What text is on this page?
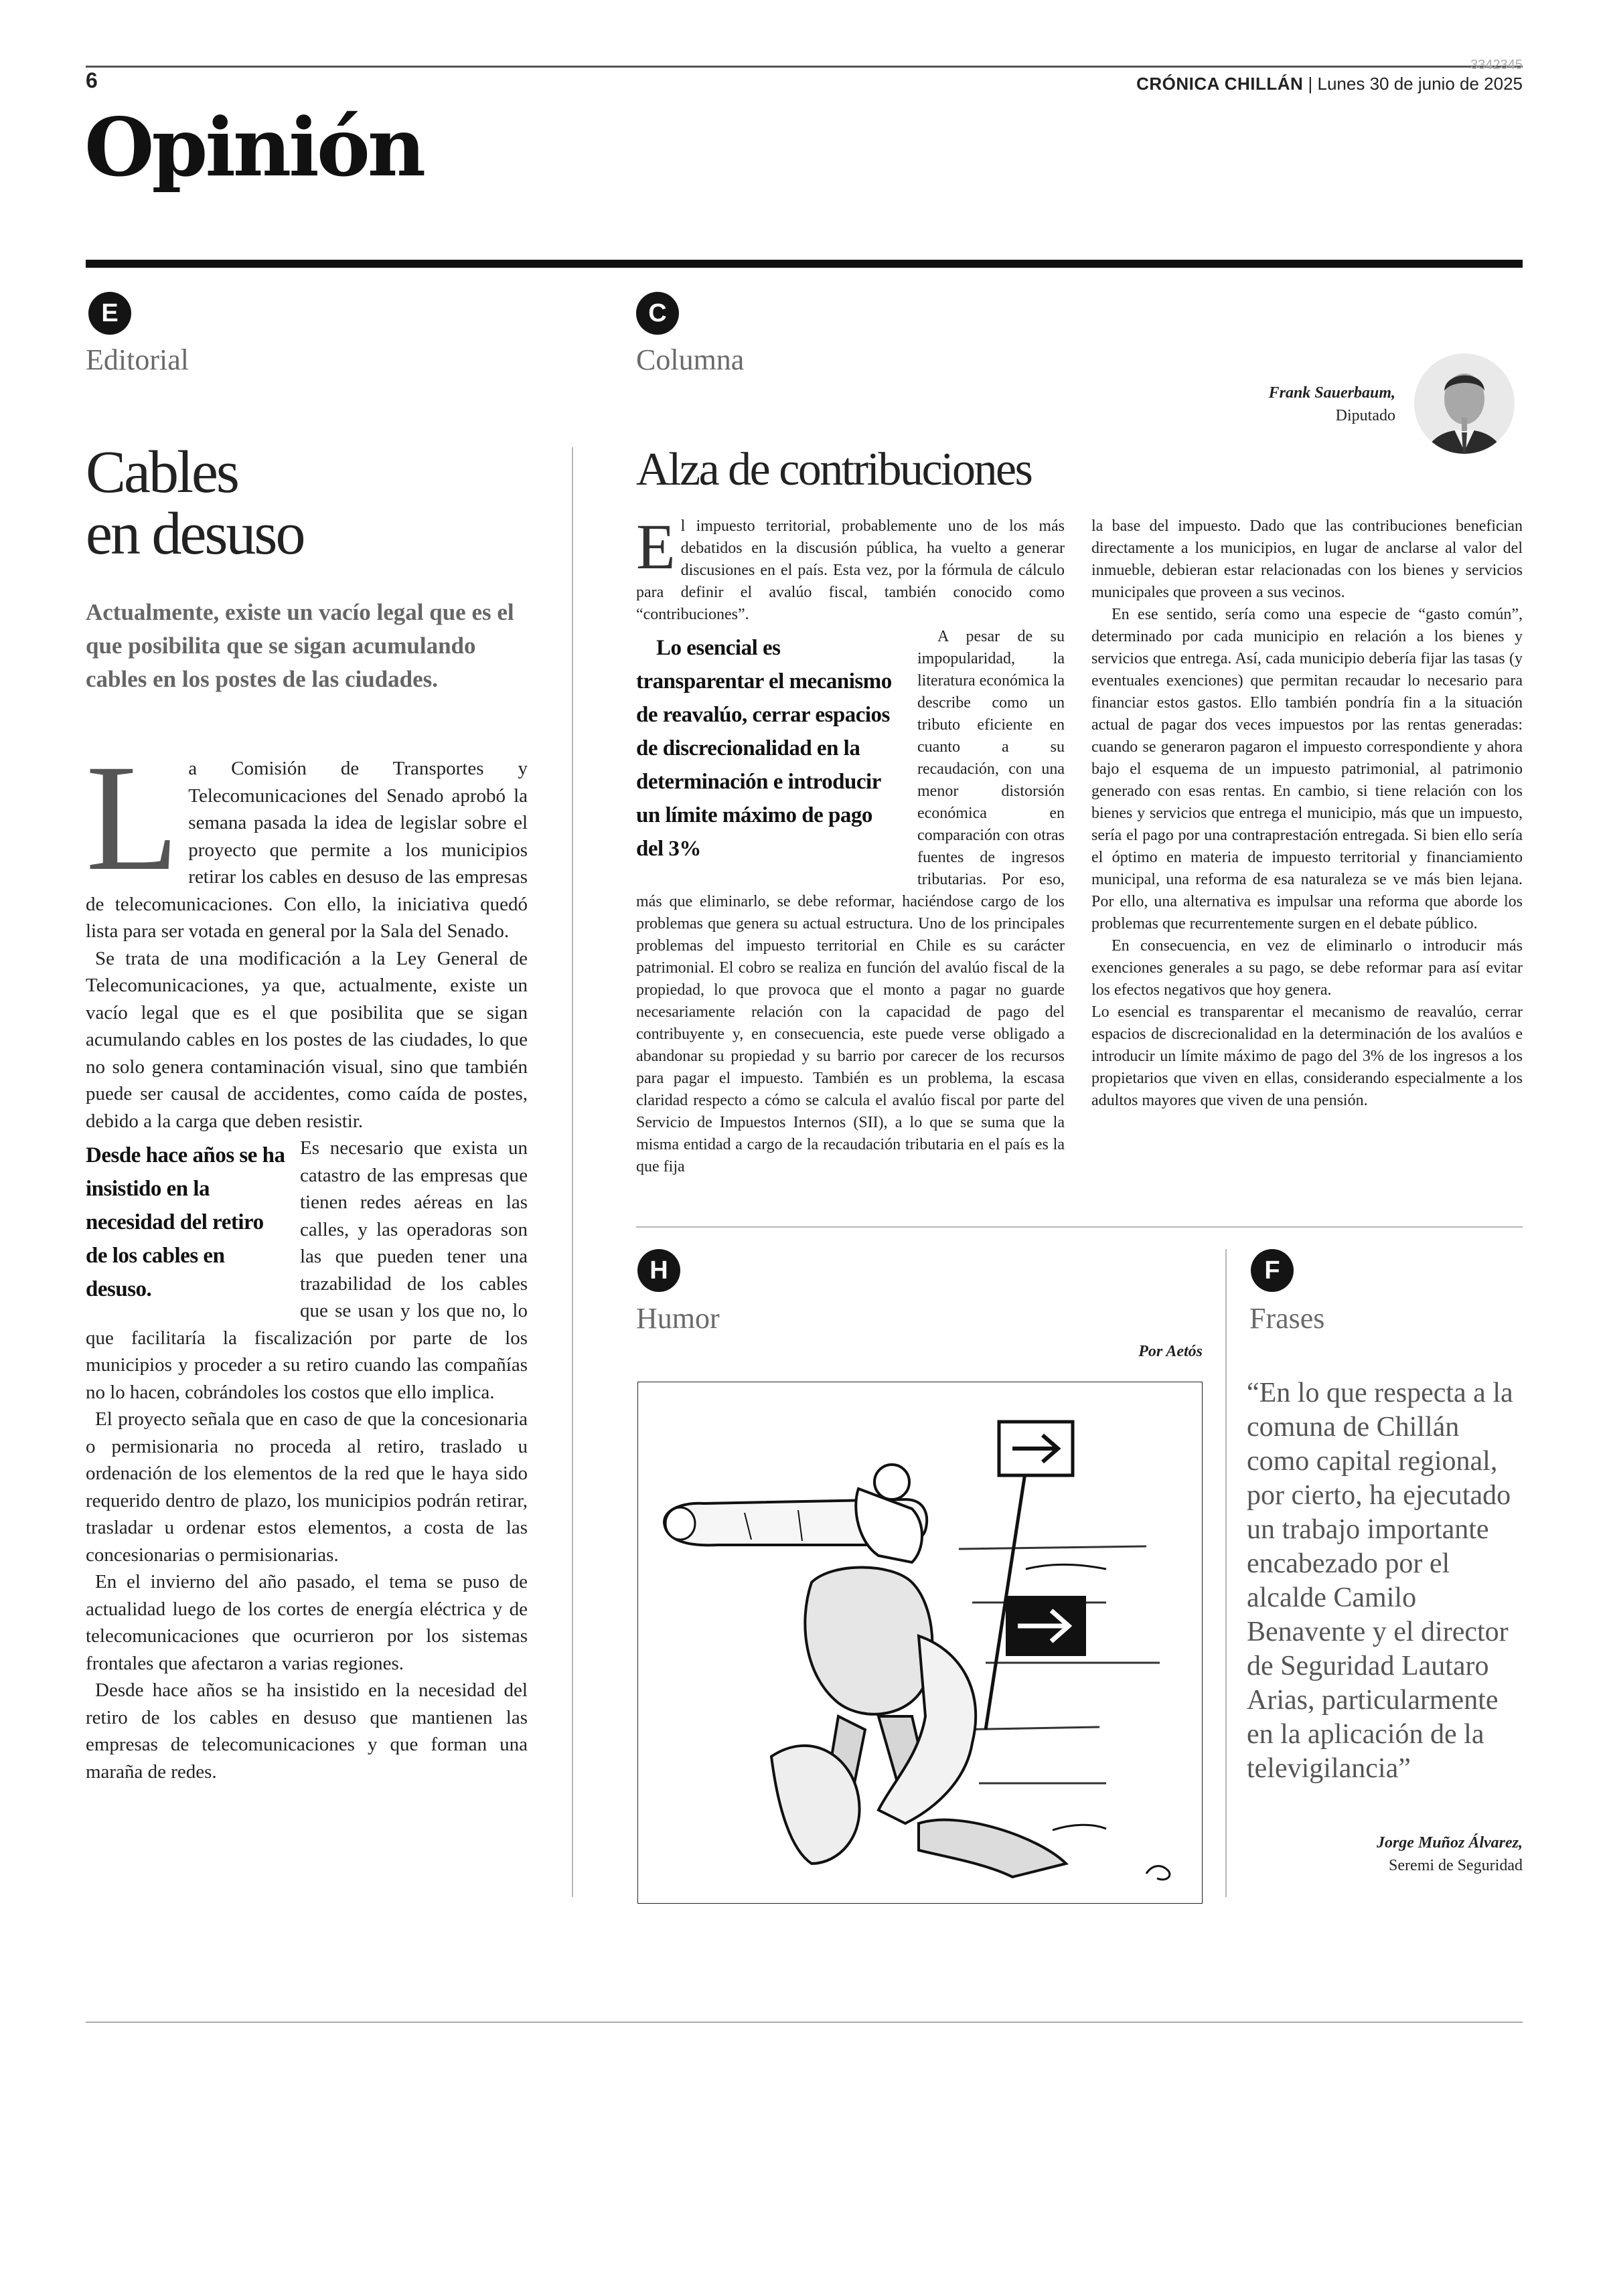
6
3342345
CRÓNICA CHILLÁN | Lunes 30 de junio de 2025
Opinión
E
Editorial
Cables
en desuso
Actualmente, existe un vacío legal que es el que posibilita que se sigan acumulando cables en los postes de las ciudades.

La Comisión de Transportes y Telecomunicaciones del Senado aprobó la semana pasada la idea de legislar sobre el proyecto que permite a los municipios retirar los cables en desuso de las empresas de telecomunicaciones. Con ello, la iniciativa quedó lista para ser votada en general por la Sala del Senado.

Se trata de una modificación a la Ley General de Telecomunicaciones, ya que, actualmente, existe un vacío legal que es el que posibilita que se sigan acumulando cables en los postes de las ciudades, lo que no solo genera contaminación visual, sino que también puede ser causal de accidentes, como caída de postes, debido a la carga que deben resistir.

Desde hace años se ha insistido en la necesidad del retiro de los cables en desuso.
Es necesario que exista un catastro de las empresas que tienen redes aéreas en las calles, y las operadoras son las que pueden tener una trazabilidad de los cables que se usan y los que no, lo que facilitaría la fiscalización por parte de los municipios y proceder a su retiro cuando las compañías no lo hacen, cobrándoles los costos que ello implica.

El proyecto señala que en caso de que la concesionaria o permisionaria no proceda al retiro, traslado u ordenación de los elementos de la red que le haya sido requerido dentro de plazo, los municipios podrán retirar, trasladar u ordenar estos elementos, a costa de las concesionarias o permisionarias.

En el invierno del año pasado, el tema se puso de actualidad luego de los cortes de energía eléctrica y de telecomunicaciones que ocurrieron por los sistemas frontales que afectaron a varias regiones.

Desde hace años se ha insistido en la necesidad del retiro de los cables en desuso que mantienen las empresas de telecomunicaciones y que forman una maraña de redes.

C
Columna
Frank Sauerbaum,
Diputado
Alza de contribuciones

El impuesto territorial, probablemente uno de los más debatidos en la discusión pública, ha vuelto a generar discusiones en el país. Esta vez, por la fórmula de cálculo para definir el avalúo fiscal, también conocido como “contribuciones”.

Lo esencial es transparentar el mecanismo de reavalúo, cerrar espacios de discrecionalidad en la determinación e introducir un límite máximo de pago del 3%
A pesar de su impopularidad, la literatura económica la describe como un tributo eficiente en cuanto a su recaudación, con una menor distorsión económica en comparación con otras fuentes de ingresos tributarias. Por eso, más que eliminarlo, se debe reformar, haciéndose cargo de los problemas que genera su actual estructura. Uno de los principales problemas del impuesto territorial en Chile es su carácter patrimonial. El cobro se realiza en función del avalúo fiscal de la propiedad, lo que provoca que el monto a pagar no guarde necesariamente relación con la capacidad de pago del contribuyente y, en consecuencia, este puede verse obligado a abandonar su propiedad y su barrio por carecer de los recursos para pagar el impuesto. También es un problema, la escasa claridad respecto a cómo se calcula el avalúo fiscal por parte del Servicio de Impuestos Internos (SII), a lo que se suma que la misma entidad a cargo de la recaudación tributaria en el país es la que fija

la base del impuesto. Dado que las contribuciones benefician directamente a los municipios, en lugar de anclarse al valor del inmueble, debieran estar relacionadas con los bienes y servicios municipales que proveen a sus vecinos.

En ese sentido, sería como una especie de “gasto común”, determinado por cada municipio en relación a los bienes y servicios que entrega. Así, cada municipio debería fijar las tasas (y eventuales exenciones) que permitan recaudar lo necesario para financiar estos gastos. Ello también pondría fin a la situación actual de pagar dos veces impuestos por las rentas generadas: cuando se generaron pagaron el impuesto correspondiente y ahora bajo el esquema de un impuesto patrimonial, al patrimonio generado con esas rentas. En cambio, si tiene relación con los bienes y servicios que entrega el municipio, más que un impuesto, sería el pago por una contraprestación entregada. Si bien ello sería el óptimo en materia de impuesto territorial y financiamiento municipal, una reforma de esa naturaleza se ve más bien lejana. Por ello, una alternativa es impulsar una reforma que aborde los problemas que recurrentemente surgen en el debate público.

En consecuencia, en vez de eliminarlo o introducir más exenciones generales a su pago, se debe reformar para así evitar los efectos negativos que hoy genera.

Lo esencial es transparentar el mecanismo de reavalúo, cerrar espacios de discrecionalidad en la determinación de los avalúos e introducir un límite máximo de pago del 3% de los ingresos a los propietarios que viven en ellas, considerando especialmente a los adultos mayores que viven de una pensión.

H
Humor
Por Aetós
F
Frases
“En lo que respecta a la comuna de Chillán como capital regional, por cierto, ha ejecutado un trabajo importante encabezado por el alcalde Camilo Benavente y el director de Seguridad Lautaro Arias, particularmente en la aplicación de la televigilancia”
Jorge Muñoz Álvarez,
Seremi de Seguridad
